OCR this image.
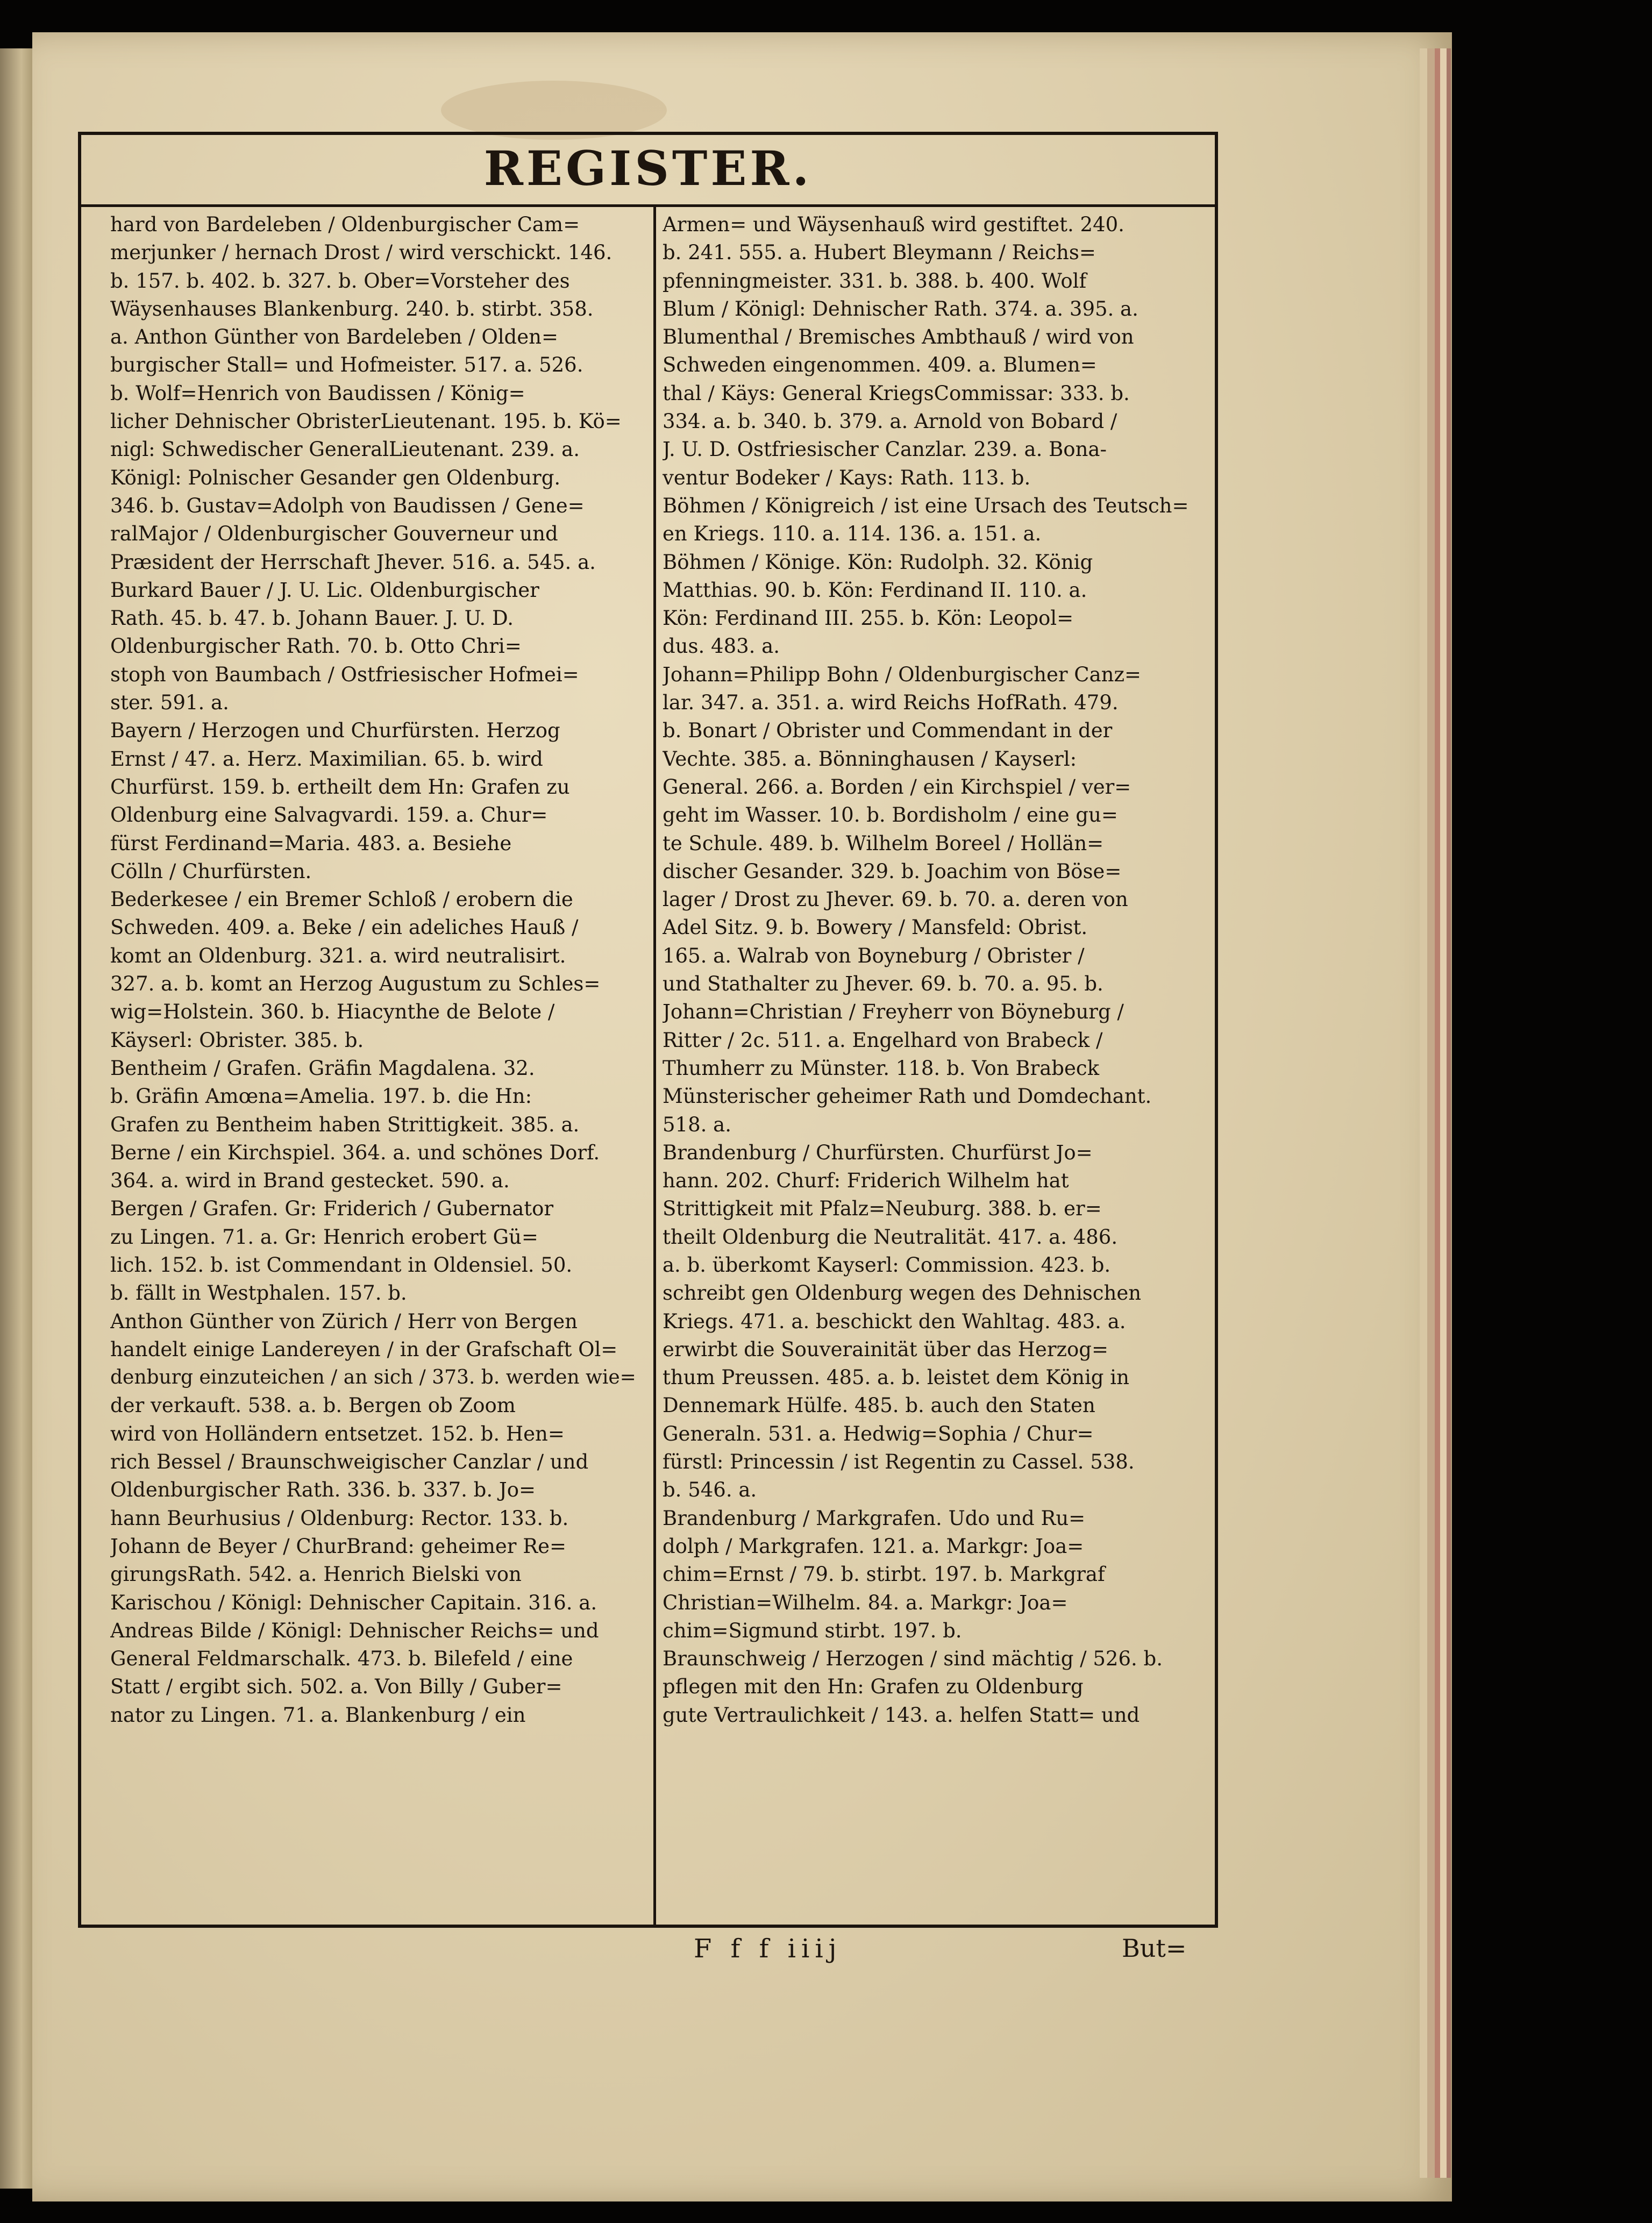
REGISTER.
hard von Bardeleben / Oldenburgischer Cam=
merjunker / hernach Drost / wird verschickt. 146.
b. 157. b. 402. b. 327. b. Ober=Vorsteher des
Wäysenhauses Blankenburg. 240. b. stirbt. 358.
a. Anthon Günther von Bardeleben / Olden=
burgischer Stall= und Hofmeister. 517. a. 526.
b. Wolf=Henrich von Baudissen / König=
licher Dehnischer ObristerLieutenant. 195. b. Kö=
nigl: Schwedischer GeneralLieutenant. 239. a.
Königl: Polnischer Gesander gen Oldenburg.
346. b. Gustav=Adolph von Baudissen / Gene=
ralMajor / Oldenburgischer Gouverneur und
Præsident der Herrschaft Jhever. 516. a. 545. a.
Burkard Bauer / J. U. Lic. Oldenburgischer
Rath. 45. b. 47. b. Johann Bauer. J. U. D.
Oldenburgischer Rath. 70. b. Otto Chri=
stoph von Baumbach / Ostfriesischer Hofmei=
ster. 591. a.
Bayern / Herzogen und Churfürsten. Herzog
Ernst / 47. a. Herz. Maximilian. 65. b. wird
Churfürst. 159. b. ertheilt dem Hn: Grafen zu
Oldenburg eine Salvagvardi. 159. a. Chur=
fürst Ferdinand=Maria. 483. a. Besiehe
Cölln / Churfürsten.
Bederkesee / ein Bremer Schloß / erobern die
Schweden. 409. a. Beke / ein adeliches Hauß /
komt an Oldenburg. 321. a. wird neutralisirt.
327. a. b. komt an Herzog Augustum zu Schles=
wig=Holstein. 360. b. Hiacynthe de Belote /
Käyserl: Obrister. 385. b.
Bentheim / Grafen. Gräfin Magdalena. 32.
b. Gräfin Amœna=Amelia. 197. b. die Hn:
Grafen zu Bentheim haben Strittigkeit. 385. a.
Berne / ein Kirchspiel. 364. a. und schönes Dorf.
364. a. wird in Brand gestecket. 590. a.
Bergen / Grafen. Gr: Friderich / Gubernator
zu Lingen. 71. a. Gr: Henrich erobert Gü=
lich. 152. b. ist Commendant in Oldensiel. 50.
b. fällt in Westphalen. 157. b.
Anthon Günther von Zürich / Herr von Bergen
handelt einige Landereyen / in der Grafschaft Ol=
denburg einzuteichen / an sich / 373. b. werden wie=
der verkauft. 538. a. b. Bergen ob Zoom
wird von Holländern entsetzet. 152. b. Hen=
rich Bessel / Braunschweigischer Canzlar / und
Oldenburgischer Rath. 336. b. 337. b. Jo=
hann Beurhusius / Oldenburg: Rector. 133. b.
Johann de Beyer / ChurBrand: geheimer Re=
girungsRath. 542. a. Henrich Bielski von
Karischou / Königl: Dehnischer Capitain. 316. a.
Andreas Bilde / Königl: Dehnischer Reichs= und
General Feldmarschalk. 473. b. Bilefeld / eine
Statt / ergibt sich. 502. a. Von Billy / Guber=
nator zu Lingen. 71. a. Blankenburg / ein
Armen= und Wäysenhauß wird gestiftet. 240.
b. 241. 555. a. Hubert Bleymann / Reichs=
pfenningmeister. 331. b. 388. b. 400. Wolf
Blum / Königl: Dehnischer Rath. 374. a. 395. a.
Blumenthal / Bremisches Ambthauß / wird von
Schweden eingenommen. 409. a. Blumen=
thal / Käys: General KriegsCommissar: 333. b.
334. a. b. 340. b. 379. a. Arnold von Bobard /
J. U. D. Ostfriesischer Canzlar. 239. a. Bona-
ventur Bodeker / Kays: Rath. 113. b.
Böhmen / Königreich / ist eine Ursach des Teutsch=
en Kriegs. 110. a. 114. 136. a. 151. a.
Böhmen / Könige. Kön: Rudolph. 32. König
Matthias. 90. b. Kön: Ferdinand II. 110. a.
Kön: Ferdinand III. 255. b. Kön: Leopol=
dus. 483. a.
Johann=Philipp Bohn / Oldenburgischer Canz=
lar. 347. a. 351. a. wird Reichs HofRath. 479.
b. Bonart / Obrister und Commendant in der
Vechte. 385. a. Bönninghausen / Kayserl:
General. 266. a. Borden / ein Kirchspiel / ver=
geht im Wasser. 10. b. Bordisholm / eine gu=
te Schule. 489. b. Wilhelm Boreel / Hollän=
discher Gesander. 329. b. Joachim von Böse=
lager / Drost zu Jhever. 69. b. 70. a. deren von
Adel Sitz. 9. b. Bowery / Mansfeld: Obrist.
165. a. Walrab von Boyneburg / Obrister /
und Stathalter zu Jhever. 69. b. 70. a. 95. b.
Johann=Christian / Freyherr von Böyneburg /
Ritter / 2c. 511. a. Engelhard von Brabeck /
Thumherr zu Münster. 118. b. Von Brabeck
Münsterischer geheimer Rath und Domdechant.
518. a.
Brandenburg / Churfürsten. Churfürst Jo=
hann. 202. Churf: Friderich Wilhelm hat
Strittigkeit mit Pfalz=Neuburg. 388. b. er=
theilt Oldenburg die Neutralität. 417. a. 486.
a. b. überkomt Kayserl: Commission. 423. b.
schreibt gen Oldenburg wegen des Dehnischen
Kriegs. 471. a. beschickt den Wahltag. 483. a.
erwirbt die Souverainität über das Herzog=
thum Preussen. 485. a. b. leistet dem König in
Dennemark Hülfe. 485. b. auch den Staten
Generaln. 531. a. Hedwig=Sophia / Chur=
fürstl: Princessin / ist Regentin zu Cassel. 538.
b. 546. a.
Brandenburg / Markgrafen. Udo und Ru=
dolph / Markgrafen. 121. a. Markgr: Joa=
chim=Ernst / 79. b. stirbt. 197. b. Markgraf
Christian=Wilhelm. 84. a. Markgr: Joa=
chim=Sigmund stirbt. 197. b.
Braunschweig / Herzogen / sind mächtig / 526. b.
pflegen mit den Hn: Grafen zu Oldenburg
gute Vertraulichkeit / 143. a. helfen Statt= und
F f f iiij	But=
